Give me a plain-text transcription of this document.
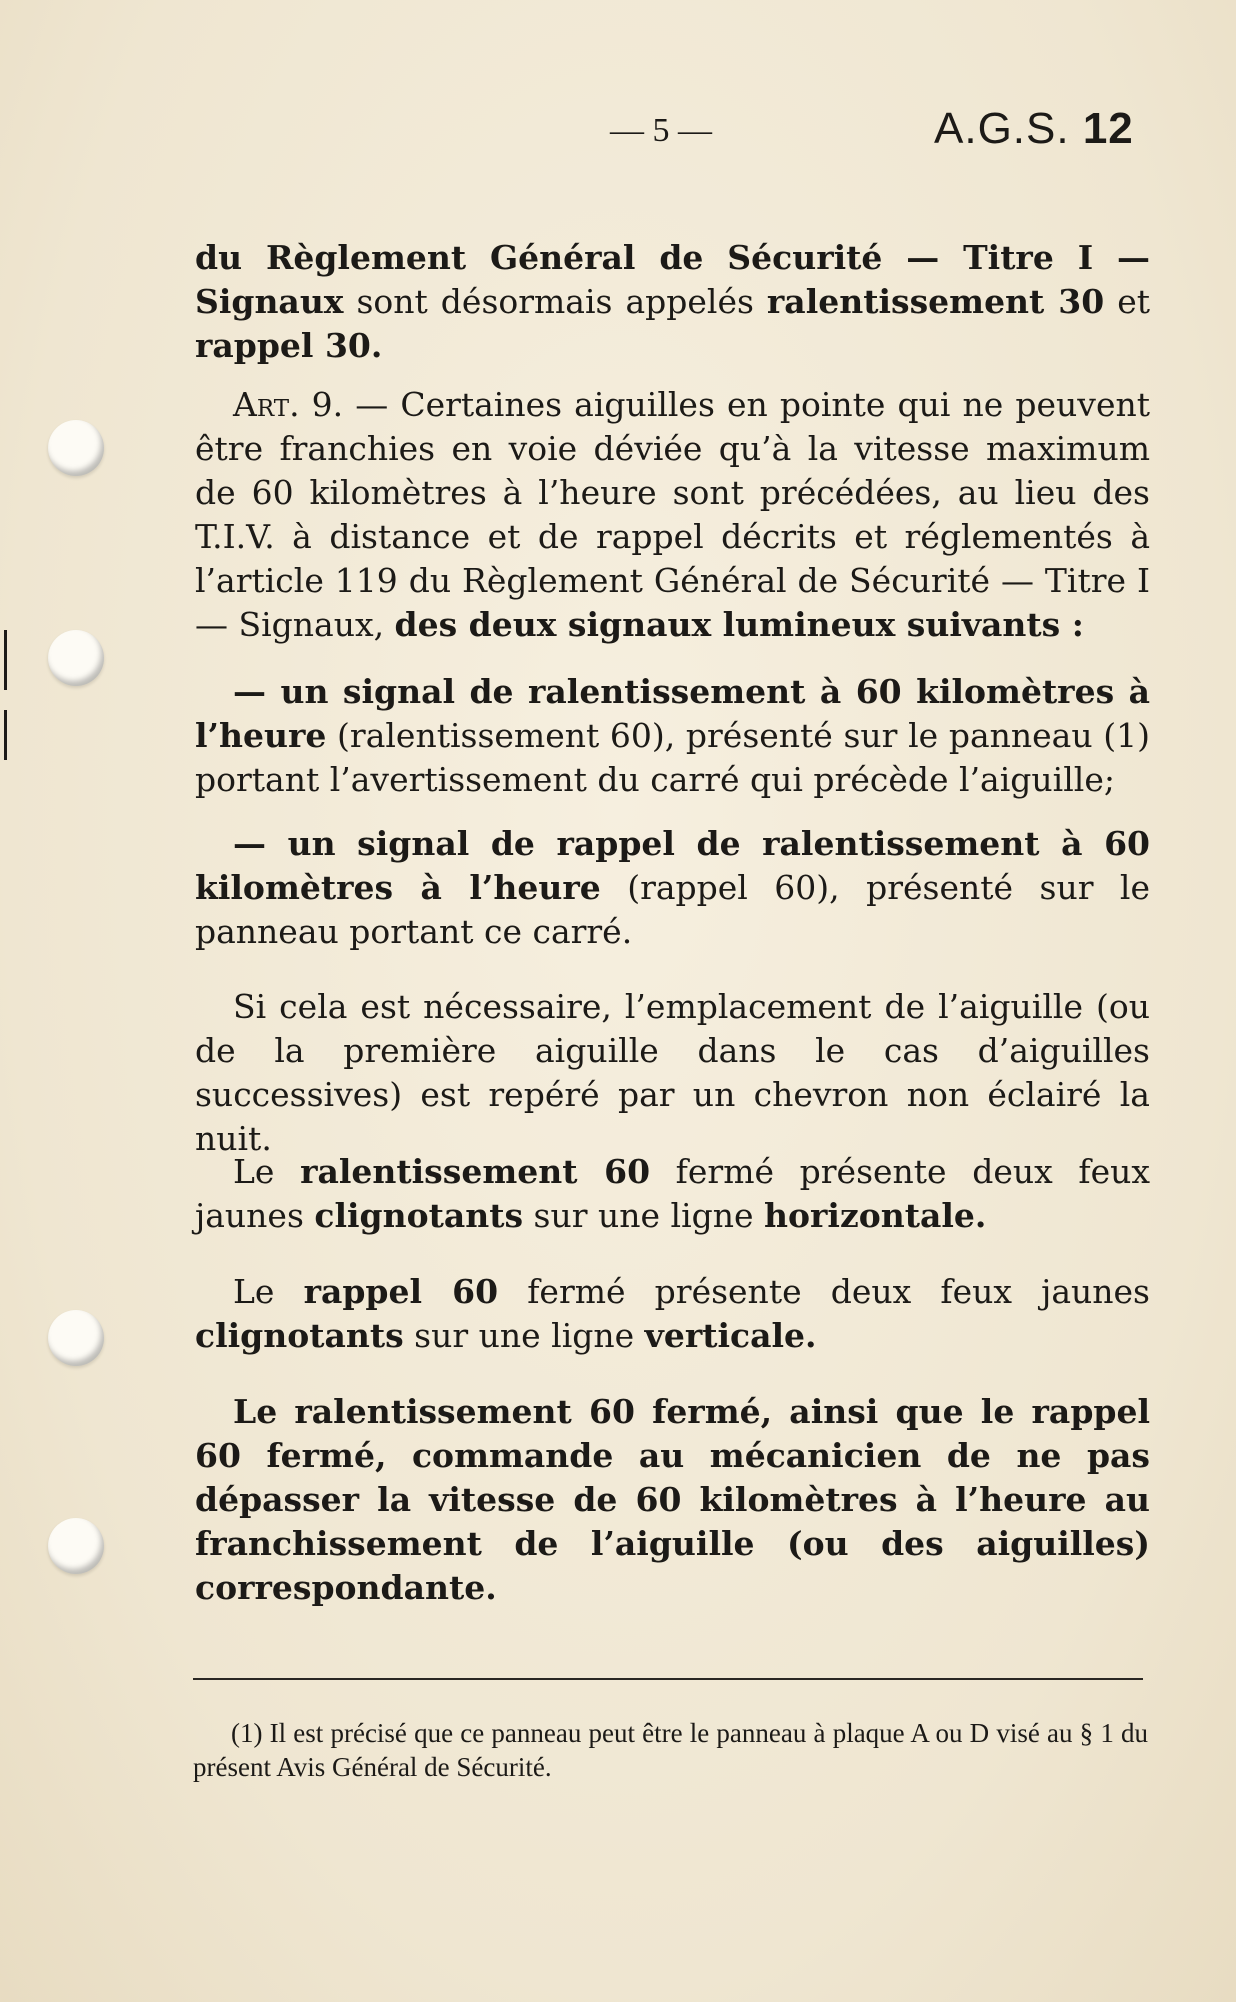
— 5 —	A.G.S. 12
du Règlement Général de Sécurité — Titre I — Signaux sont désormais appelés ralentissement 30 et rappel 30.
Art. 9. — Certaines aiguilles en pointe qui ne peuvent être franchies en voie déviée qu’à la vitesse maximum de 60 kilomètres à l’heure sont précédées, au lieu des T.I.V. à distance et de rappel décrits et réglementés à l’article 119 du Règlement Général de Sécurité — Titre I — Signaux, des deux signaux lumineux suivants :
— un signal de ralentissement à 60 kilomètres à l’heure (ralentissement 60), présenté sur le panneau (1) portant l’avertissement du carré qui précède l’aiguille;
— un signal de rappel de ralentissement à 60 kilomètres à l’heure (rappel 60), présenté sur le panneau portant ce carré.
Si cela est nécessaire, l’emplacement de l’aiguille (ou de la première aiguille dans le cas d’aiguilles successives) est repéré par un chevron non éclairé la nuit.
Le ralentissement 60 fermé présente deux feux jaunes clignotants sur une ligne horizontale.
Le rappel 60 fermé présente deux feux jaunes clignotants sur une ligne verticale.
Le ralentissement 60 fermé, ainsi que le rappel 60 fermé, commande au mécanicien de ne pas dépasser la vitesse de 60 kilomètres à l’heure au franchissement de l’aiguille (ou des aiguilles) correspondante.
(1) Il est précisé que ce panneau peut être le panneau à plaque A ou D visé au § 1 du présent Avis Général de Sécurité.
